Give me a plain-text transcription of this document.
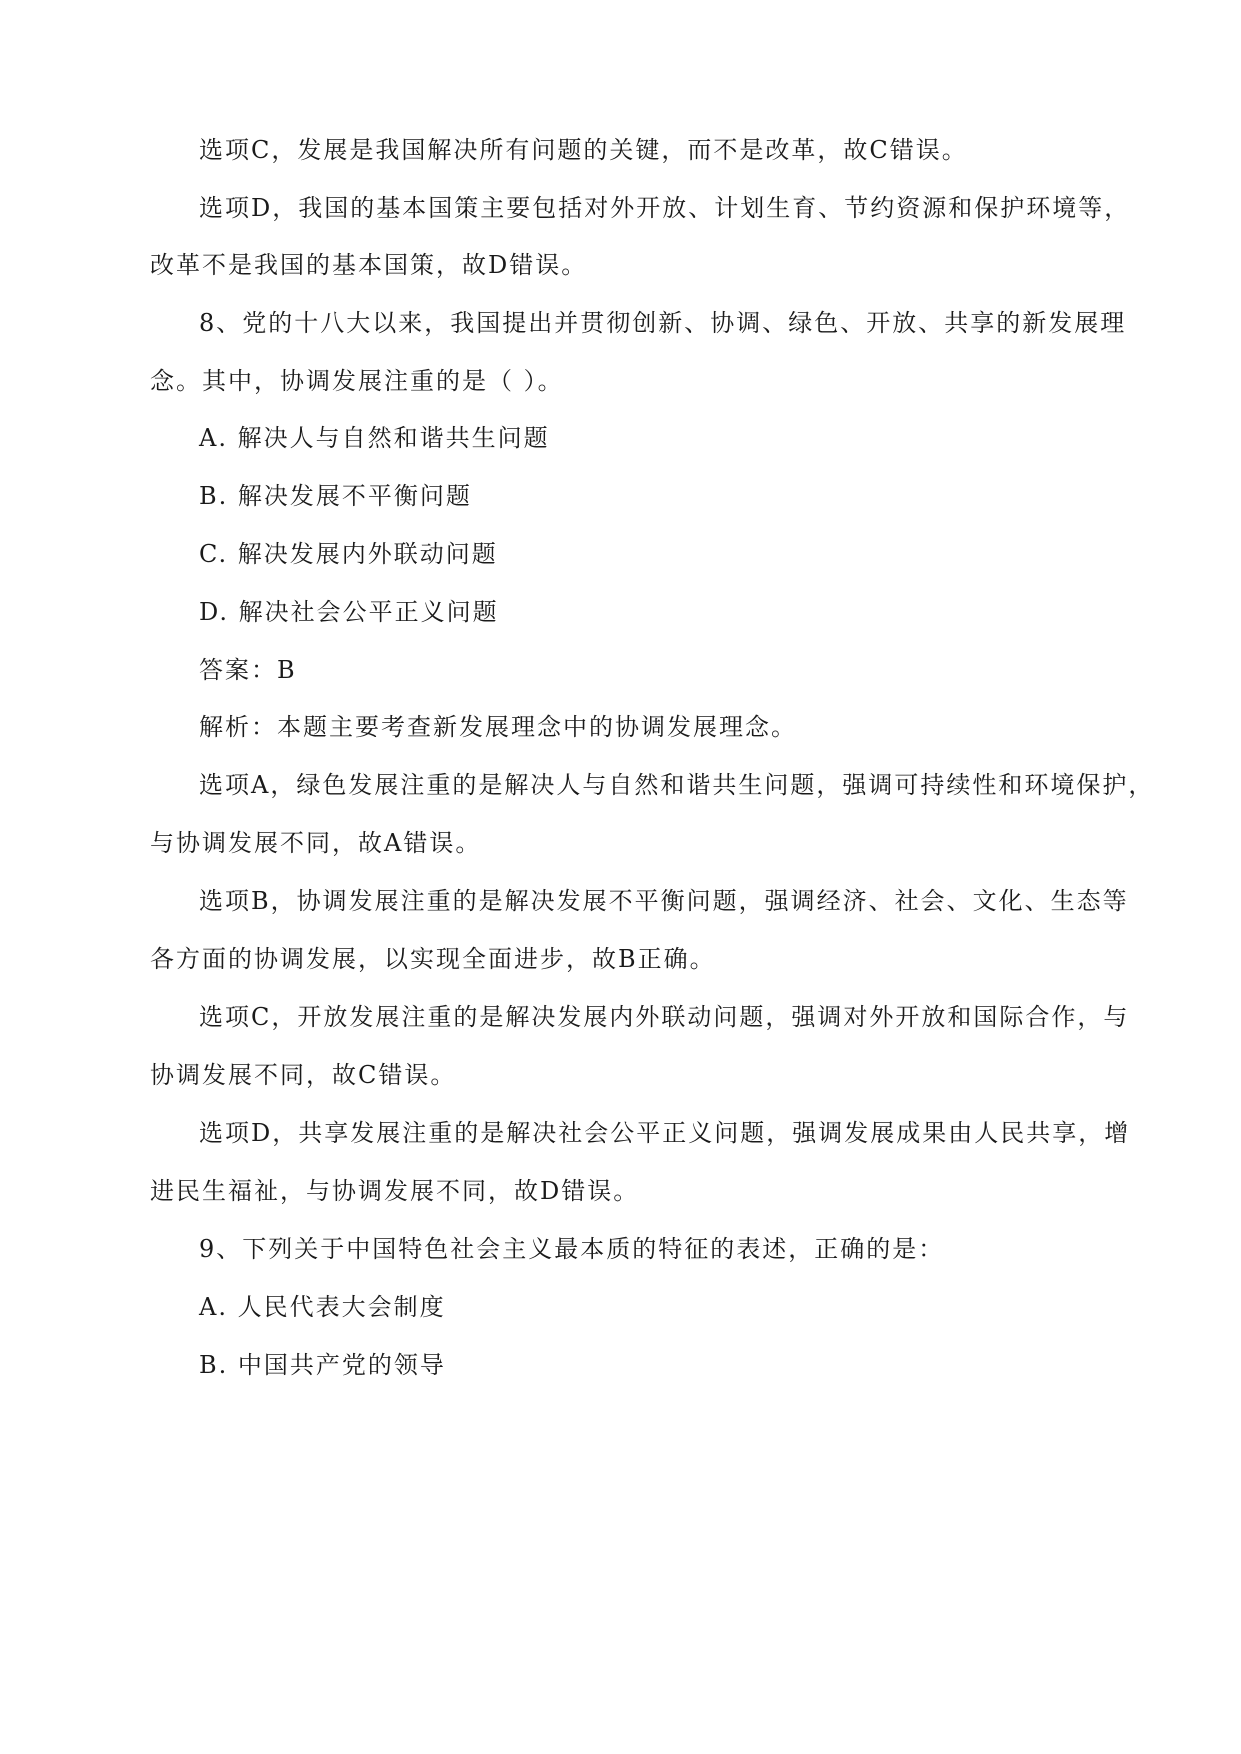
选项C，发展是我国解决所有问题的关键，而不是改革，故C错误。
选项D，我国的基本国策主要包括对外开放、计划生育、节约资源和保护环境等，
改革不是我国的基本国策，故D错误。
8、党的十八大以来，我国提出并贯彻创新、协调、绿色、开放、共享的新发展理
念。其中，协调发展注重的是（ ）。
A. 解决人与自然和谐共生问题
B. 解决发展不平衡问题
C. 解决发展内外联动问题
D. 解决社会公平正义问题
答案：B
解析：本题主要考查新发展理念中的协调发展理念。
选项A，绿色发展注重的是解决人与自然和谐共生问题，强调可持续性和环境保护，
与协调发展不同，故A错误。
选项B，协调发展注重的是解决发展不平衡问题，强调经济、社会、文化、生态等
各方面的协调发展，以实现全面进步，故B正确。
选项C，开放发展注重的是解决发展内外联动问题，强调对外开放和国际合作，与
协调发展不同，故C错误。
选项D，共享发展注重的是解决社会公平正义问题，强调发展成果由人民共享，增
进民生福祉，与协调发展不同，故D错误。
9、下列关于中国特色社会主义最本质的特征的表述，正确的是：
A. 人民代表大会制度
B. 中国共产党的领导
